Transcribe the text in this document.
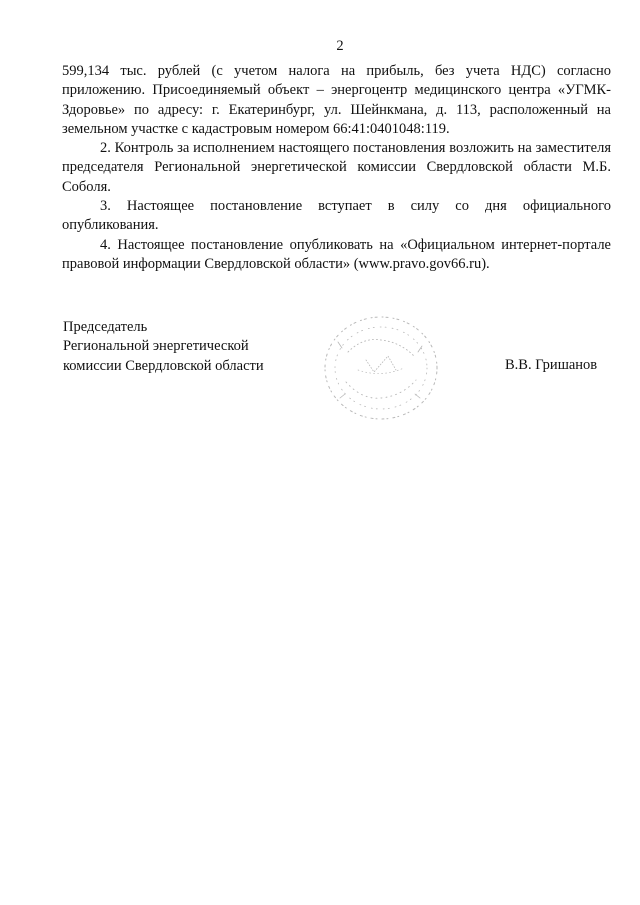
2

599,134 тыс. рублей (с учетом налога на прибыль, без учета НДС) согласно приложению. Присоединяемый объект – энергоцентр медицинского центра «УГМК-Здоровье» по адресу: г. Екатеринбург, ул. Шейнкмана, д. 113, расположенный на земельном участке с кадастровым номером 66:41:0401048:119.

2. Контроль за исполнением настоящего постановления возложить на заместителя председателя Региональной энергетической комиссии Свердловской области М.Б. Соболя.

3. Настоящее постановление вступает в силу со дня официального опубликования.

4. Настоящее постановление опубликовать на «Официальном интернет-портале правовой информации Свердловской области» (www.pravo.gov66.ru).

Председатель
Региональной энергетической
комиссии Свердловской области	В.В. Гришанов
